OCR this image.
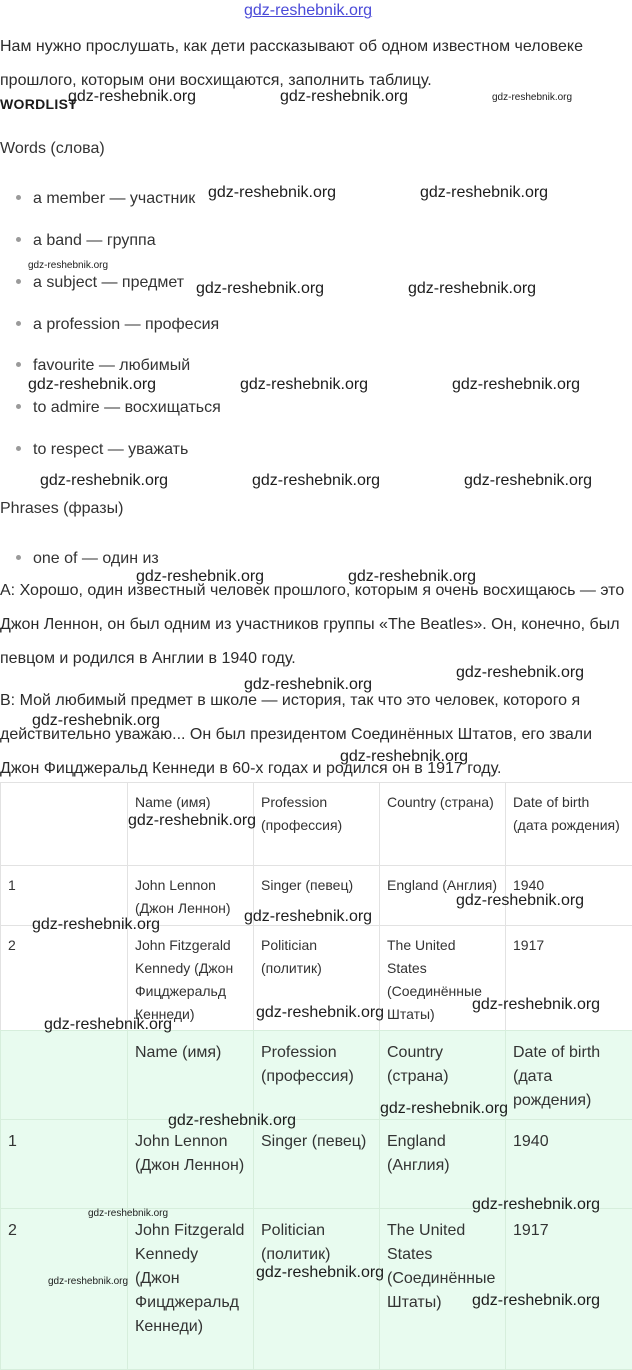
gdz-reshebnik.org
Нам нужно прослушать, как дети рассказывают об одном известном человеке прошлого, которым они восхищаются, заполнить таблицу.
WORDLIST
Words (слова)
a member — участник
a band — группа
a subject — предмет
a profession — професия
favourite — любимый
to admire — восхищаться
to respect — уважать
Phrases (фразы)
one of — один из
A: Хорошо, один известный человек прошлого, которым я очень восхищаюсь — это Джон Леннон, он был одним из участников группы «The Beatles». Он, конечно, был певцом и родился в Англии в 1940 году.
B: Мой любимый предмет в школе — история, так что это человек, которого я действительно уважаю... Он был президентом Соединённых Штатов, его звали Джон Фицджеральд Кеннеди в 60-х годах и родился он в 1917 году.
	Name (имя)	Profession (профессия)	Country (страна)	Date of birth (дата рождения)
1	John Lennon (Джон Леннон)	Singer (певец)	England (Англия)	1940
2	John Fitzgerald Kennedy (Джон Фицджеральд Кеннеди)	Politician (политик)	The United States (Соединённые Штаты)	1917
	Name (имя)	Profession (профессия)	Country (страна)	Date of birth (дата рождения)
1	John Lennon (Джон Леннон)	Singer (певец)	England (Англия)	1940
2	John Fitzgerald Kennedy (Джон Фицджеральд Кеннеди)	Politician (политик)	The United States (Соединённые Штаты)	1917
gdz-reshebnik.org	gdz-reshebnik.org	gdz-reshebnik.org
gdz-reshebnik.org	gdz-reshebnik.org
gdz-reshebnik.org
gdz-reshebnik.org	gdz-reshebnik.org
gdz-reshebnik.org	gdz-reshebnik.org	gdz-reshebnik.org
gdz-reshebnik.org	gdz-reshebnik.org	gdz-reshebnik.org
gdz-reshebnik.org	gdz-reshebnik.org
gdz-reshebnik.org
gdz-reshebnik.org
gdz-reshebnik.org
gdz-reshebnik.org
gdz-reshebnik.org
gdz-reshebnik.org
gdz-reshebnik.org
gdz-reshebnik.org
gdz-reshebnik.org
gdz-reshebnik.org
gdz-reshebnik.org
gdz-reshebnik.org
gdz-reshebnik.org
gdz-reshebnik.org
gdz-reshebnik.org
gdz-reshebnik.org
gdz-reshebnik.org
gdz-reshebnik.org
